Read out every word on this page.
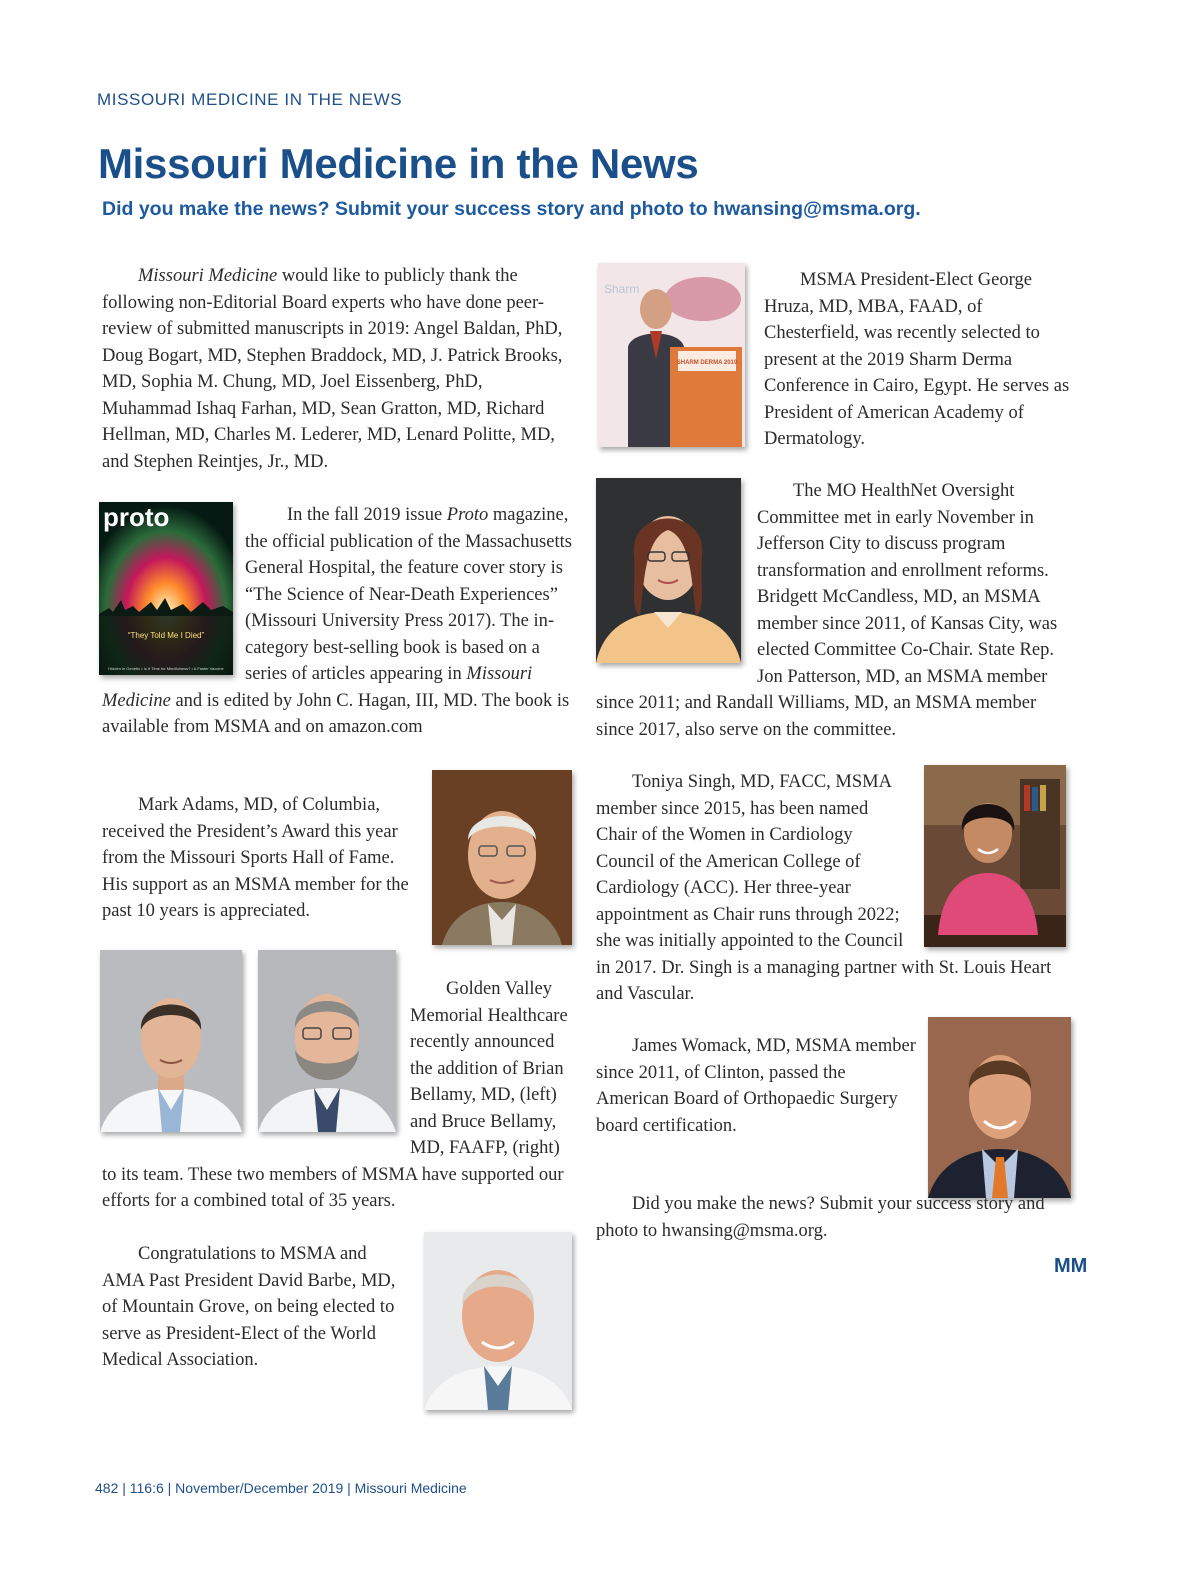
MISSOURI MEDICINE IN THE NEWS
Missouri Medicine in the News
Did you make the news? Submit your success story and photo to hwansing@msma.org.

Missouri Medicine would like to publicly thank the following non-Editorial Board experts who have done peer-review of submitted manuscripts in 2019: Angel Baldan, PhD, Doug Bogart, MD, Stephen Braddock, MD, J. Patrick Brooks, MD, Sophia M. Chung, MD, Joel Eissenberg, PhD, Muhammad Ishaq Farhan, MD, Sean Gratton, MD, Richard Hellman, MD, Charles M. Lederer, MD, Lenard Politte, MD, and Stephen Reintjes, Jr., MD.

proto
“They Told Me I Died”
Hidden in Genetic • Is It Time for Mindfulness? • A Faster Vaccine

In the fall 2019 issue Proto magazine, the official publication of the Massachusetts General Hospital, the feature cover story is “The Science of Near-Death Experiences” (Missouri University Press 2017). The in-category best-selling book is based on a series of articles appearing in Missouri Medicine and is edited by John C. Hagan, III, MD. The book is available from MSMA and on amazon.com

Mark Adams, MD, of Columbia, received the President’s Award this year from the Missouri Sports Hall of Fame. His support as an MSMA member for the past 10 years is appreciated.

Golden Valley Memorial Healthcare recently announced the addition of Brian Bellamy, MD, (left) and Bruce Bellamy, MD, FAAFP, (right) to its team. These two members of MSMA have supported our efforts for a combined total of 35 years.

Congratulations to MSMA and AMA Past President David Barbe, MD, of Mountain Grove, on being elected to serve as President-Elect of the World Medical Association.

Sharm
SHARM DERMA 2019

MSMA President-Elect George Hruza, MD, MBA, FAAD, of Chesterfield, was recently selected to present at the 2019 Sharm Derma Conference in Cairo, Egypt. He serves as President of American Academy of Dermatology.

The MO HealthNet Oversight Committee met in early November in Jefferson City to discuss program transformation and enrollment reforms. Bridgett McCandless, MD, an MSMA member since 2011, of Kansas City, was elected Committee Co-Chair. State Rep. Jon Patterson, MD, an MSMA member since 2011; and Randall Williams, MD, an MSMA member since 2017, also serve on the committee.

Toniya Singh, MD, FACC, MSMA member since 2015, has been named Chair of the Women in Cardiology Council of the American College of Cardiology (ACC). Her three-year appointment as Chair runs through 2022; she was initially appointed to the Council in 2017. Dr. Singh is a managing partner with St. Louis Heart and Vascular.

James Womack, MD, MSMA member since 2011, of Clinton, passed the American Board of Orthopaedic Surgery board certification.

Did you make the news? Submit your success story and photo to hwansing@msma.org.

MM
482 | 116:6 | November/December 2019 | Missouri Medicine
